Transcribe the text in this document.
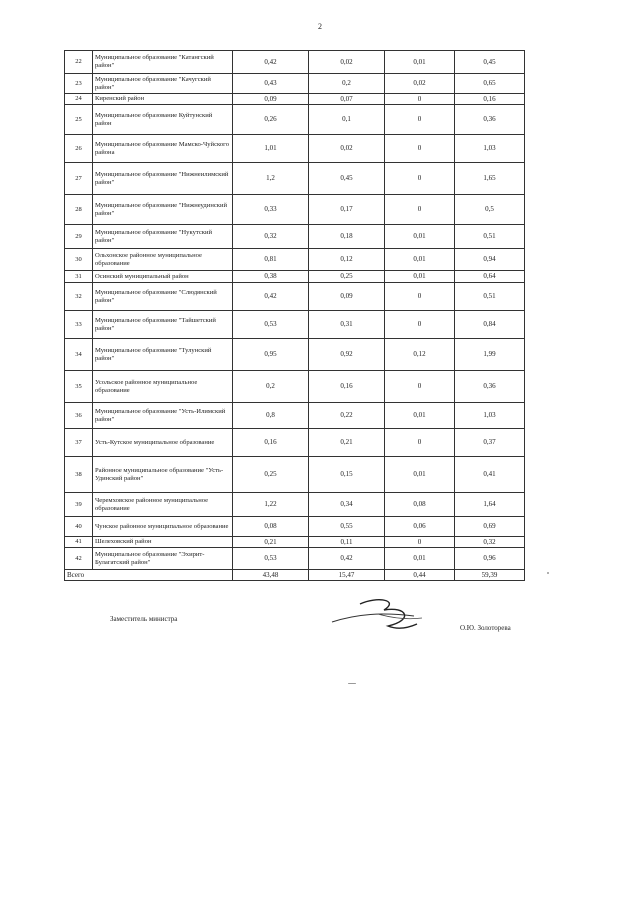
2
22	Муниципальное образование "Катангский район"	0,42	0,02	0,01	0,45
23	Муниципальное образование "Качугский район"	0,43	0,2	0,02	0,65
24	Киренский район	0,09	0,07	0	0,16
25	Муниципальное образование Куйтунский район	0,26	0,1	0	0,36
26	Муниципальное образование Мамско-Чуйского района	1,01	0,02	0	1,03
27	Муниципальное образование "Нижнеилимский район"	1,2	0,45	0	1,65
28	Муниципальное образование "Нижнеудинский район"	0,33	0,17	0	0,5
29	Муниципальное образование "Нукутский район"	0,32	0,18	0,01	0,51
30	Ольхонское районное муниципальное образование	0,81	0,12	0,01	0,94
31	Осинский муниципальный район	0,38	0,25	0,01	0,64
32	Муниципальное образование "Слюдянский район"	0,42	0,09	0	0,51
33	Муниципальное образование "Тайшетский район"	0,53	0,31	0	0,84
34	Муниципальное образование "Тулунский район"	0,95	0,92	0,12	1,99
35	Усольское районное муниципальное образование	0,2	0,16	0	0,36
36	Муниципальное образование "Усть-Илимский район"	0,8	0,22	0,01	1,03
37	Усть-Кутское муниципальное образование	0,16	0,21	0	0,37
38	Районное муниципальное образование "Усть-Удинский район"	0,25	0,15	0,01	0,41
39	Черемховское районное муниципальное образование	1,22	0,34	0,08	1,64
40	Чунское районное муниципальное образование	0,08	0,55	0,06	0,69
41	Шелеховский район	0,21	0,11	0	0,32
42	Муниципальное образование "Эхирит-Булагатский район"	0,53	0,42	0,01	0,96
Всего		43,48	15,47	0,44	59,39
Заместитель министра
О.Ю. Золоторева
